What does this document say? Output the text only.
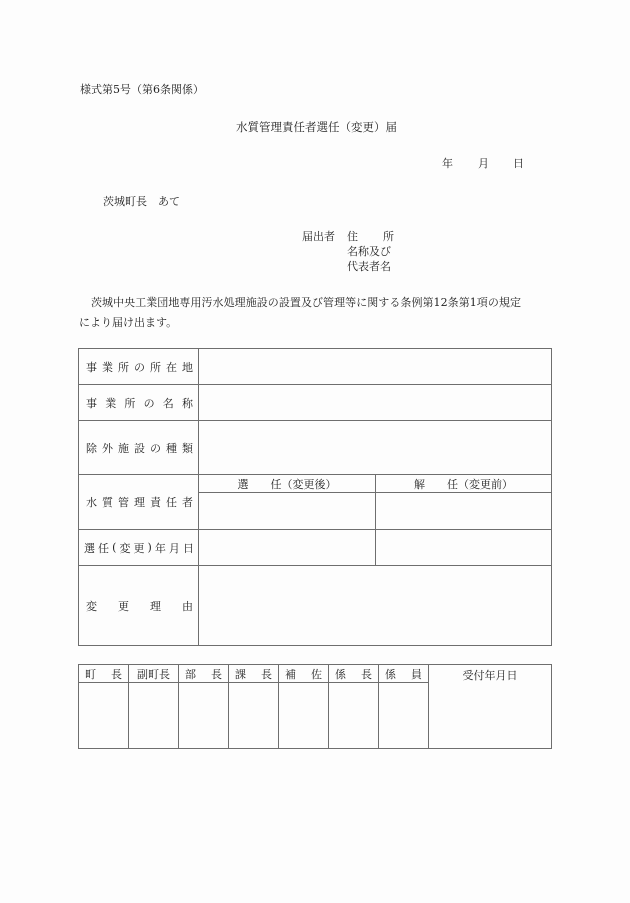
様式第5号（第6条関係）
水質管理責任者選任（変更）届
年 月 日
茨城町長　あて
届出者 住 所
名称及び
代表者名
茨城中央工業団地専用汚水処理施設の設置及び管理等に関する条例第12条第1項の規定
により届け出ます。
事 業 所 の 所 在 地
事 業 所 の 名 称
除 外 施 設 の 種 類
水 質 管 理 責 任 者
選 任（変更後）	解 任（変更前）
選 任 ( 変 更 ) 年 月 日
変 更 理 由
町 長 副町長 部 長 課 長 補 佐 係 長 係 員	受付年月日
